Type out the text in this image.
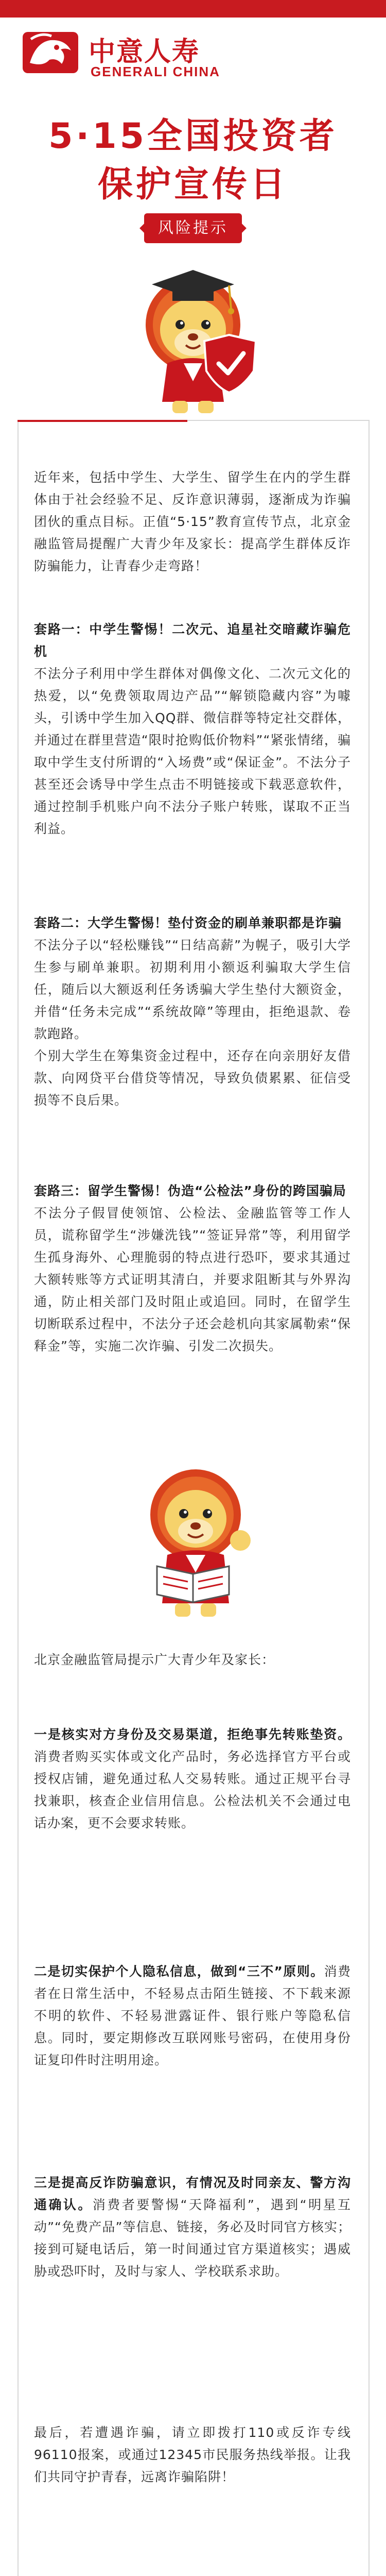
中意人寿
GENERALI CHINA
5·15全国投资者
保护宣传日
风险提示

近年来，包括中学生、大学生、留学生在内的学生群体由于社会经验不足、反诈意识薄弱，逐渐成为诈骗团伙的重点目标。正值“5·15”教育宣传节点，北京金融监管局提醒广大青少年及家长：提高学生群体反诈防骗能力，让青春少走弯路！

套路一：中学生警惕！二次元、追星社交暗藏诈骗危机

不法分子利用中学生群体对偶像文化、二次元文化的热爱，以“免费领取周边产品”“解锁隐藏内容”为噱头，引诱中学生加入QQ群、微信群等特定社交群体，并通过在群里营造“限时抢购低价物料”“紧张情绪，骗取中学生支付所谓的“入场费”或“保证金”。不法分子甚至还会诱导中学生点击不明链接或下载恶意软件，通过控制手机账户向不法分子账户转账，谋取不正当利益。

套路二：大学生警惕！垫付资金的刷单兼职都是诈骗

不法分子以“轻松赚钱”“日结高薪”为幌子，吸引大学生参与刷单兼职。初期利用小额返利骗取大学生信任，随后以大额返利任务诱骗大学生垫付大额资金，并借“任务未完成”“系统故障”等理由，拒绝退款、卷款跑路。

个别大学生在筹集资金过程中，还存在向亲朋好友借款、向网贷平台借贷等情况，导致负债累累、征信受损等不良后果。

套路三：留学生警惕！伪造“公检法”身份的跨国骗局

不法分子假冒使领馆、公检法、金融监管等工作人员，谎称留学生“涉嫌洗钱”“签证异常”等，利用留学生孤身海外、心理脆弱的特点进行恐吓，要求其通过大额转账等方式证明其清白，并要求阻断其与外界沟通，防止相关部门及时阻止或追回。同时，在留学生切断联系过程中，不法分子还会趁机向其家属勒索“保释金”等，实施二次诈骗、引发二次损失。

北京金融监管局提示广大青少年及家长：

一是核实对方身份及交易渠道，拒绝事先转账垫资。消费者购买实体或文化产品时，务必选择官方平台或授权店铺，避免通过私人交易转账。通过正规平台寻找兼职，核查企业信用信息。公检法机关不会通过电话办案，更不会要求转账。

二是切实保护个人隐私信息，做到“三不”原则。消费者在日常生活中，不轻易点击陌生链接、不下载来源不明的软件、不轻易泄露证件、银行账户等隐私信息。同时，要定期修改互联网账号密码，在使用身份证复印件时注明用途。

三是提高反诈防骗意识，有情况及时同亲友、警方沟通确认。消费者要警惕“天降福利”，遇到“明星互动”“免费产品”等信息、链接，务必及时同官方核实；接到可疑电话后，第一时间通过官方渠道核实；遇威胁或恐吓时，及时与家人、学校联系求助。

最后，若遭遇诈骗，请立即拨打110或反诈专线96110报案，或通过12345市民服务热线举报。让我们共同守护青春，远离诈骗陷阱！
